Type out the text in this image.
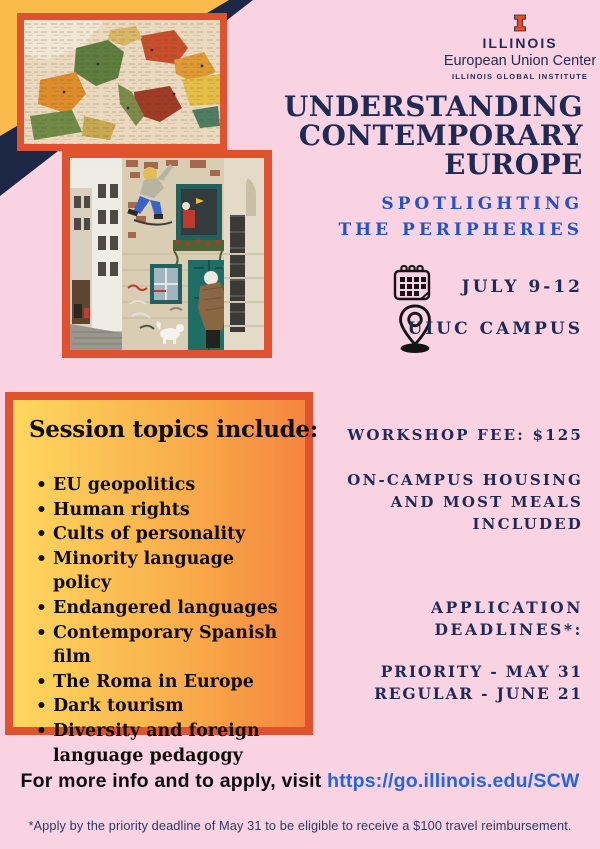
ILLINOIS
European Union Center
ILLINOIS GLOBAL INSTITUTE
UNDERSTANDING
CONTEMPORARY
EUROPE
SPOTLIGHTING
THE PERIPHERIES
JULY 9-12
UIUC CAMPUS
Session topics include:
• EU geopolitics
• Human rights
• Cults of personality
• Minority language policy
• Endangered languages
• Contemporary Spanish film
• The Roma in Europe
• Dark tourism
• Diversity and foreign language pedagogy
WORKSHOP FEE: $125
ON-CAMPUS HOUSING
AND MOST MEALS
INCLUDED
APPLICATION
DEADLINES*:
PRIORITY - MAY 31
REGULAR - JUNE 21
For more info and to apply, visit https://go.illinois.edu/SCW
*Apply by the priority deadline of May 31 to be eligible to receive a $100 travel reimbursement.
